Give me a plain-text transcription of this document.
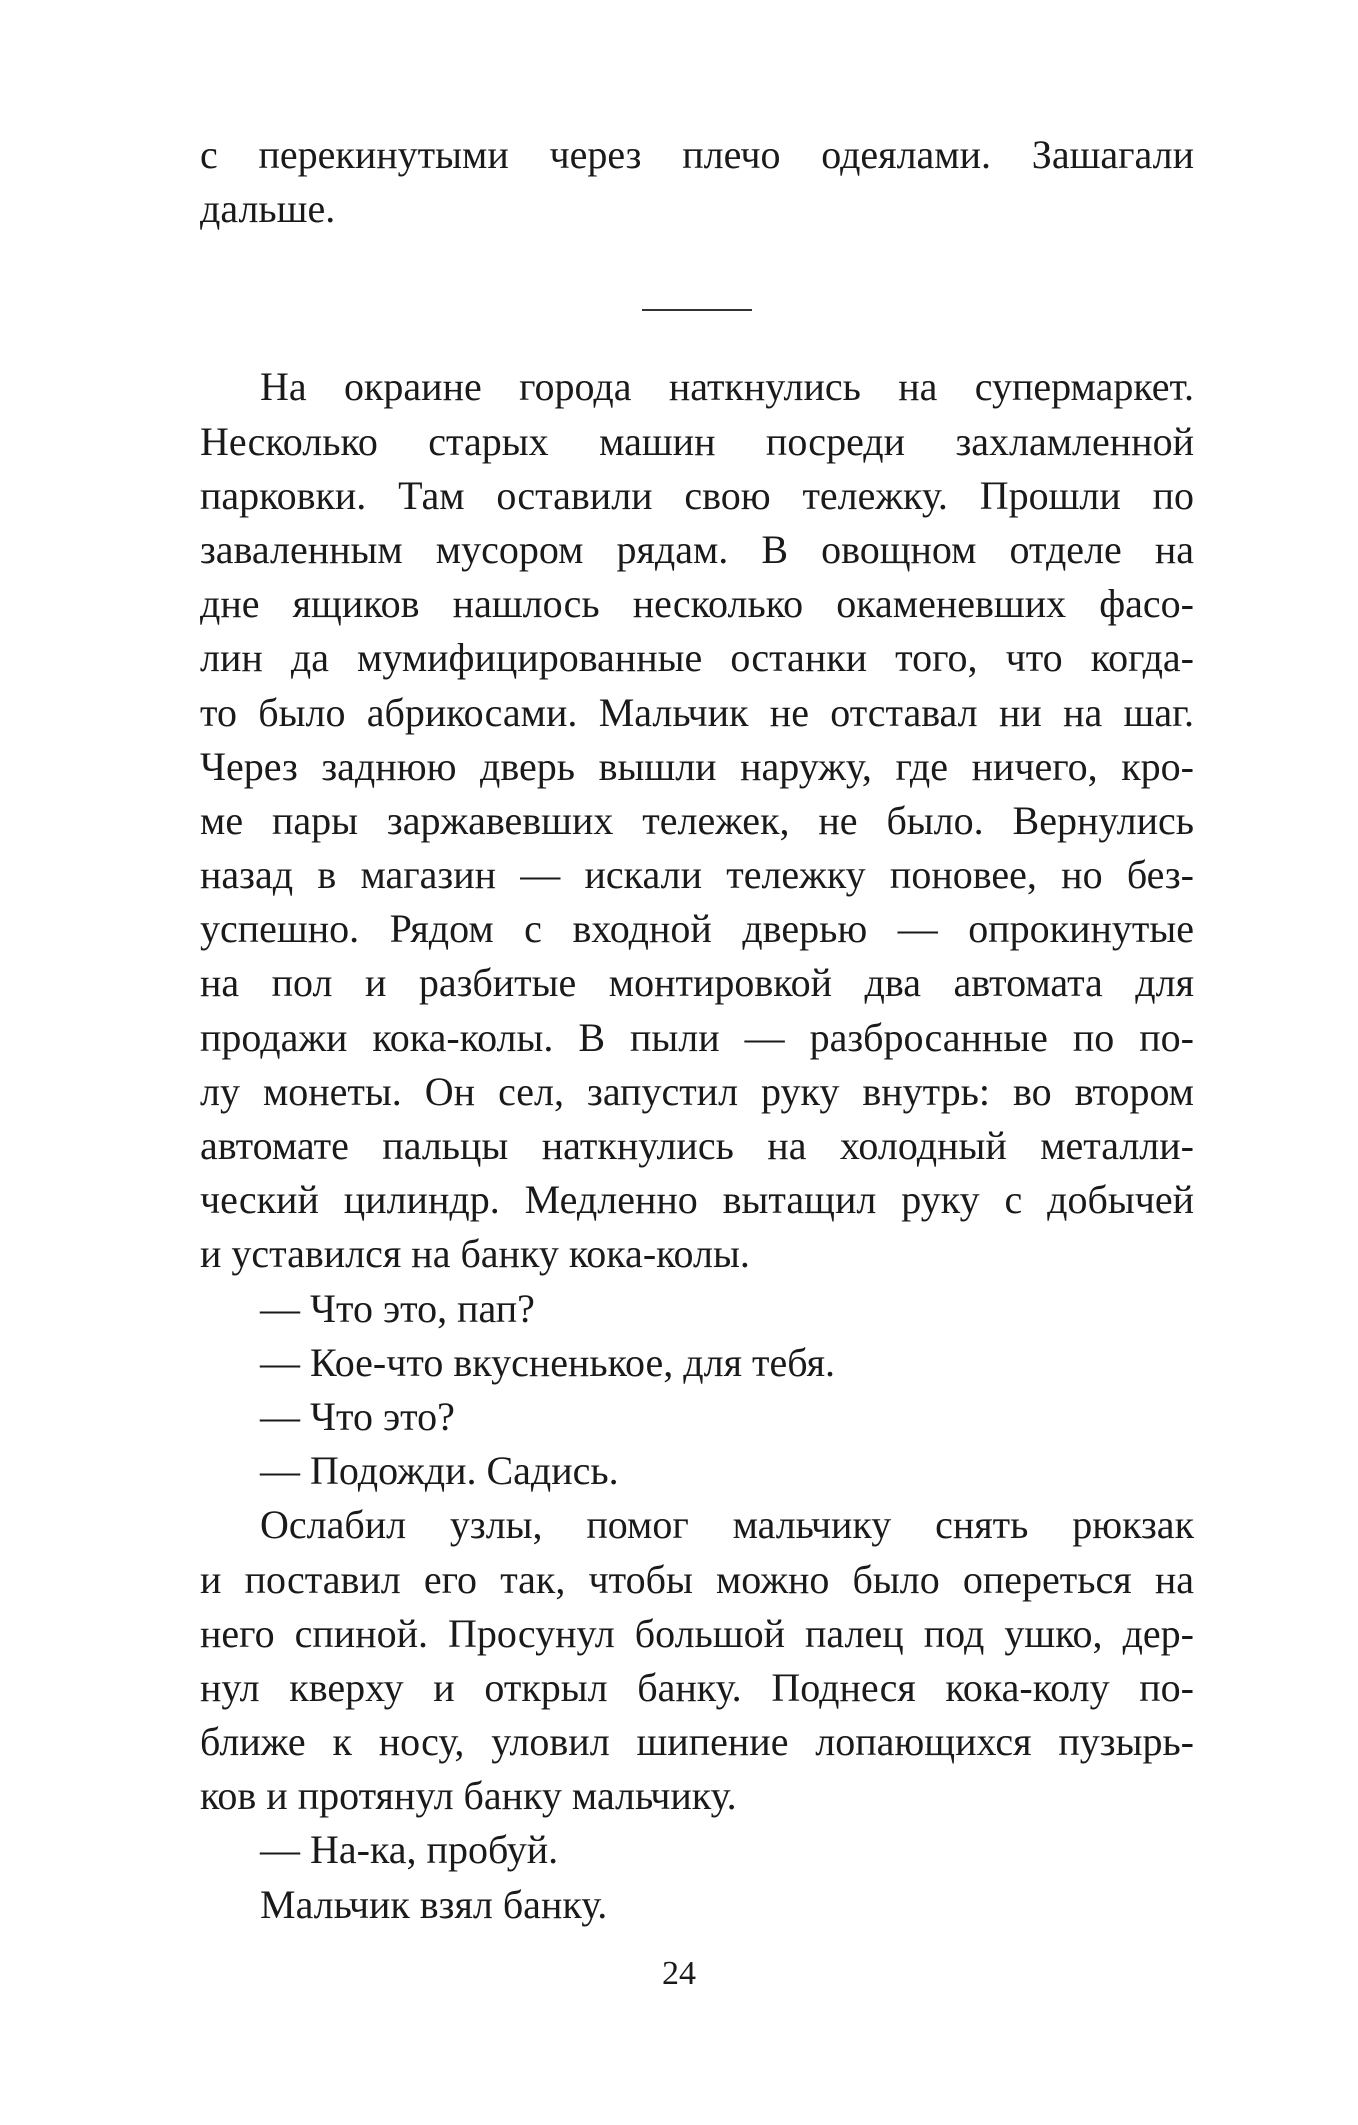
с перекинутыми через плечо одеялами. Зашагали
дальше.
На окраине города наткнулись на супермаркет.
Несколько старых машин посреди захламленной
парковки. Там оставили свою тележку. Прошли по
заваленным мусором рядам. В овощном отделе на
дне ящиков нашлось несколько окаменевших фасо-
лин да мумифицированные останки того, что когда-
то было абрикосами. Мальчик не отставал ни на шаг.
Через заднюю дверь вышли наружу, где ничего, кро-
ме пары заржавевших тележек, не было. Вернулись
назад в магазин — искали тележку поновее, но без-
успешно. Рядом с входной дверью — опрокинутые
на пол и разбитые монтировкой два автомата для
продажи кока-колы. В пыли — разбросанные по по-
лу монеты. Он сел, запустил руку внутрь: во втором
автомате пальцы наткнулись на холодный металли-
ческий цилиндр. Медленно вытащил руку с добычей
и уставился на банку кока-колы.
— Что это, пап?
— Кое-что вкусненькое, для тебя.
— Что это?
— Подожди. Садись.
Ослабил узлы, помог мальчику снять рюкзак
и поставил его так, чтобы можно было опереться на
него спиной. Просунул большой палец под ушко, дер-
нул кверху и открыл банку. Поднеся кока-колу по-
ближе к носу, уловил шипение лопающихся пузырь-
ков и протянул банку мальчику.
— На-ка, пробуй.
Мальчик взял банку.
24
